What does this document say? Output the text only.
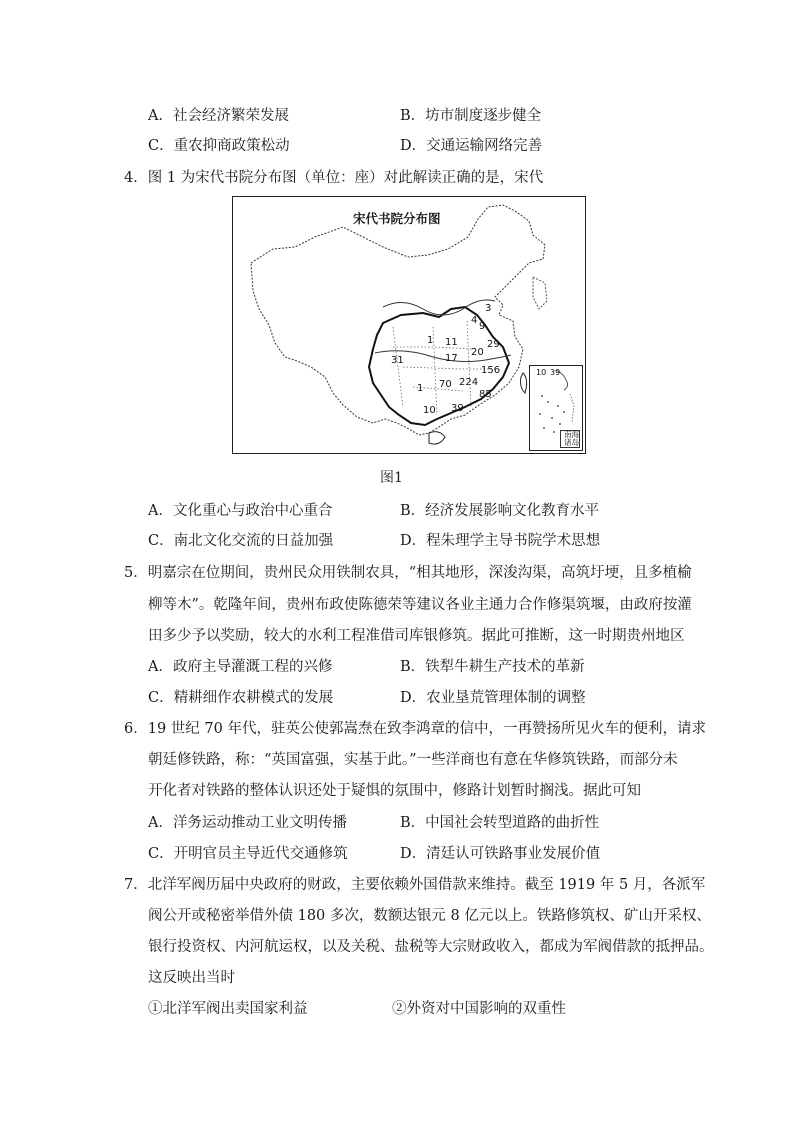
A．社会经济繁荣发展	B．坊市制度逐步健全
C．重农抑商政策松动	D．交通运输网络完善
4．图 1 为宋代书院分布图（单位：座）对此解读正确的是，宋代
宋代书院分布图
3
4
9
11
1	29
20
17
31
156
1 70 224
85
10 39
10 39
南海诸岛
图1
A．文化重心与政治中心重合	B．经济发展影响文化教育水平
C．南北文化交流的日益加强	D．程朱理学主导书院学术思想
5．明嘉宗在位期间，贵州民众用铁制农具，“相其地形，深浚沟渠，高筑圩埂，且多植榆
柳等木”。乾隆年间，贵州布政使陈德荣等建议各业主通力合作修渠筑堰，由政府按灌
田多少予以奖励，较大的水利工程准借司库银修筑。据此可推断，这一时期贵州地区
A．政府主导灌溉工程的兴修	B．铁犁牛耕生产技术的革新
C．精耕细作农耕模式的发展	D．农业垦荒管理体制的调整
6．19 世纪 70 年代，驻英公使郭嵩焘在致李鸿章的信中，一再赞扬所见火车的便利，请求
朝廷修铁路，称：“英国富强，实基于此。”一些洋商也有意在华修筑铁路，而部分未
开化者对铁路的整体认识还处于疑惧的氛围中，修路计划暂时搁浅。据此可知
A．洋务运动推动工业文明传播	B．中国社会转型道路的曲折性
C．开明官员主导近代交通修筑	D．清廷认可铁路事业发展价值
7．北洋军阀历届中央政府的财政，主要依赖外国借款来维持。截至 1919 年 5 月，各派军
阀公开或秘密举借外债 180 多次，数额达银元 8 亿元以上。铁路修筑权、矿山开采权、
银行投资权、内河航运权，以及关税、盐税等大宗财政收入，都成为军阀借款的抵押品。
这反映出当时
①北洋军阀出卖国家利益	②外资对中国影响的双重性
